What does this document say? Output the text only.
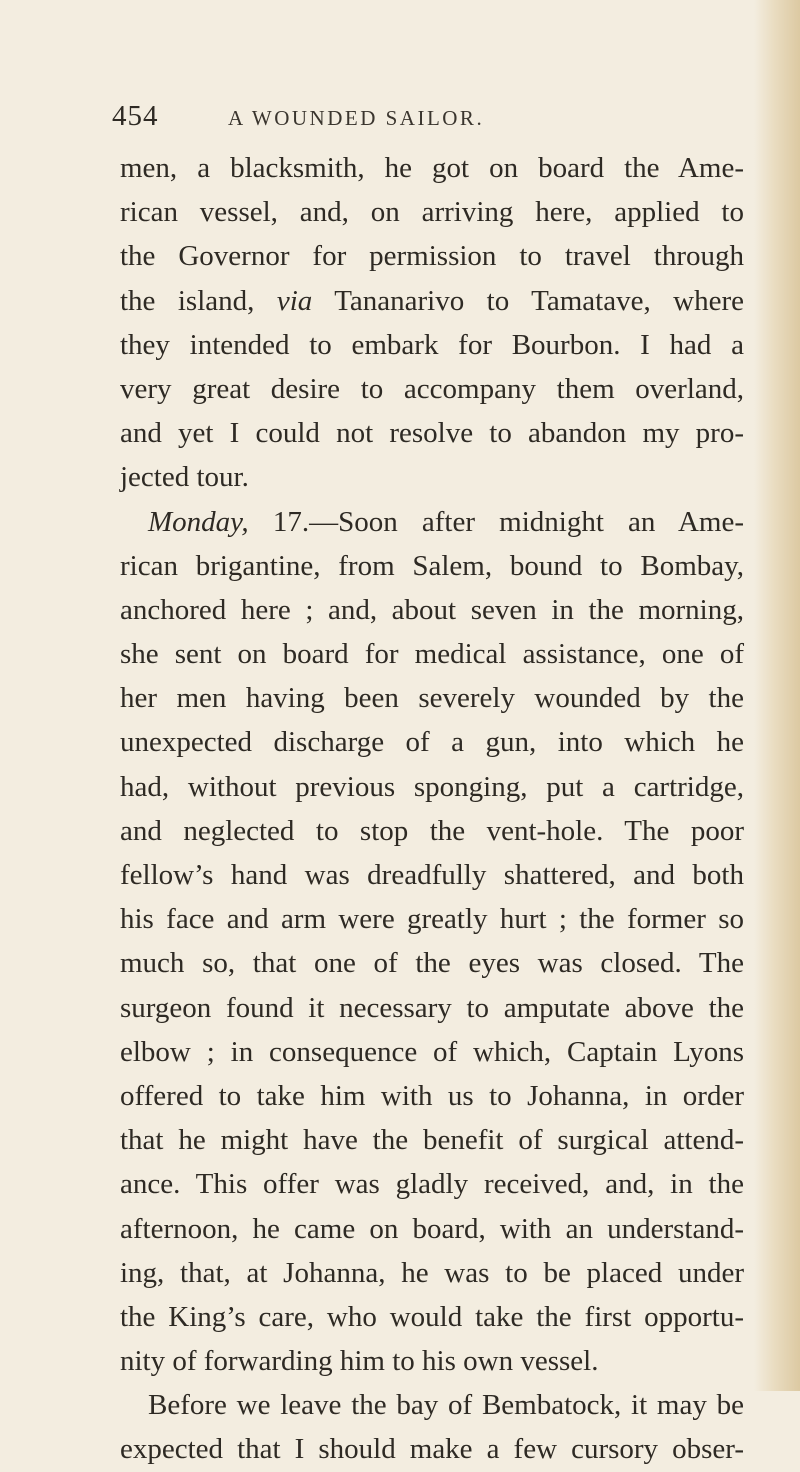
454	A WOUNDED SAILOR.
men, a blacksmith, he got on board the Ame-
rican vessel, and, on arriving here, applied to
the Governor for permission to travel through
the island, via Tananarivo to Tamatave, where
they intended to embark for Bourbon. I had a
very great desire to accompany them overland,
and yet I could not resolve to abandon my pro-
jected tour.
Monday, 17.—Soon after midnight an Ame-
rican brigantine, from Salem, bound to Bombay,
anchored here ; and, about seven in the morning,
she sent on board for medical assistance, one of
her men having been severely wounded by the
unexpected discharge of a gun, into which he
had, without previous sponging, put a cartridge,
and neglected to stop the vent-hole. The poor
fellow’s hand was dreadfully shattered, and both
his face and arm were greatly hurt ; the former so
much so, that one of the eyes was closed. The
surgeon found it necessary to amputate above the
elbow ; in consequence of which, Captain Lyons
offered to take him with us to Johanna, in order
that he might have the benefit of surgical attend-
ance. This offer was gladly received, and, in the
afternoon, he came on board, with an understand-
ing, that, at Johanna, he was to be placed under
the King’s care, who would take the first opportu-
nity of forwarding him to his own vessel.
Before we leave the bay of Bembatock, it may be
expected that I should make a few cursory obser-
